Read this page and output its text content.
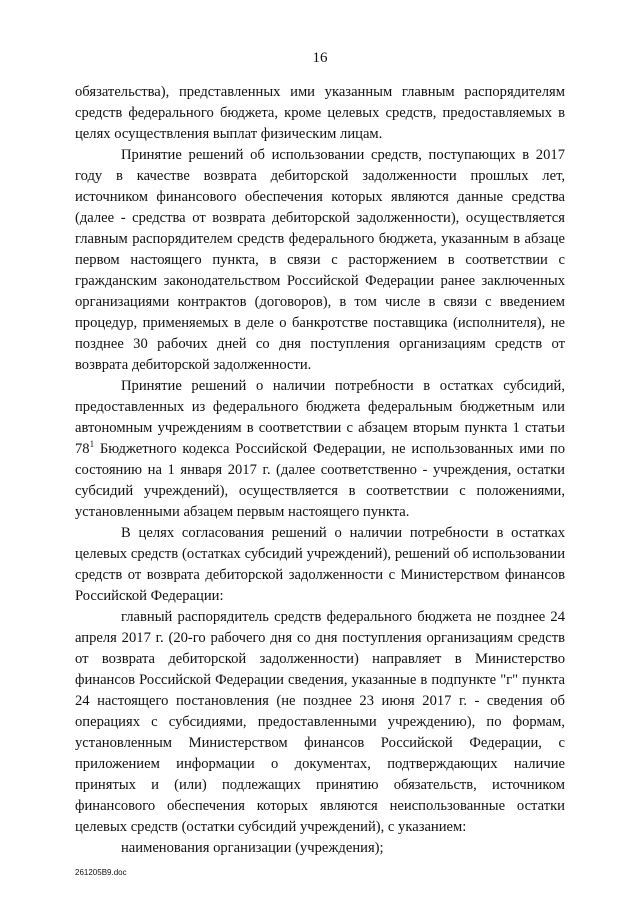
16

обязательства), представленных ими указанным главным распорядителям средств федерального бюджета, кроме целевых средств, предоставляемых в целях осуществления выплат физическим лицам.

Принятие решений об использовании средств, поступающих в 2017 году в качестве возврата дебиторской задолженности прошлых лет, источником финансового обеспечения которых являются данные средства (далее - средства от возврата дебиторской задолженности), осуществляется главным распорядителем средств федерального бюджета, указанным в абзаце первом настоящего пункта, в связи с расторжением в соответствии с гражданским законодательством Российской Федерации ранее заключенных организациями контрактов (договоров), в том числе в связи с введением процедур, применяемых в деле о банкротстве поставщика (исполнителя), не позднее 30 рабочих дней со дня поступления организациям средств от возврата дебиторской задолженности.

Принятие решений о наличии потребности в остатках субсидий, предоставленных из федерального бюджета федеральным бюджетным или автономным учреждениям в соответствии с абзацем вторым пункта 1 статьи $78^1$ Бюджетного кодекса Российской Федерации, не использованных ими по состоянию на 1 января 2017 г. (далее соответственно - учреждения, остатки субсидий учреждений), осуществляется в соответствии с положениями, установленными абзацем первым настоящего пункта.

В целях согласования решений о наличии потребности в остатках целевых средств (остатках субсидий учреждений), решений об использовании средств от возврата дебиторской задолженности с Министерством финансов Российской Федерации:

главный распорядитель средств федерального бюджета не позднее 24 апреля 2017 г. (20-го рабочего дня со дня поступления организациям средств от возврата дебиторской задолженности) направляет в Министерство финансов Российской Федерации сведения, указанные в подпункте "г" пункта 24 настоящего постановления (не позднее 23 июня 2017 г. - сведения об операциях с субсидиями, предоставленными учреждению), по формам, установленным Министерством финансов Российской Федерации, с приложением информации о документах, подтверждающих наличие принятых и (или) подлежащих принятию обязательств, источником финансового обеспечения которых являются неиспользованные остатки целевых средств (остатки субсидий учреждений), с указанием:

наименования организации (учреждения);

261205B9.doc
